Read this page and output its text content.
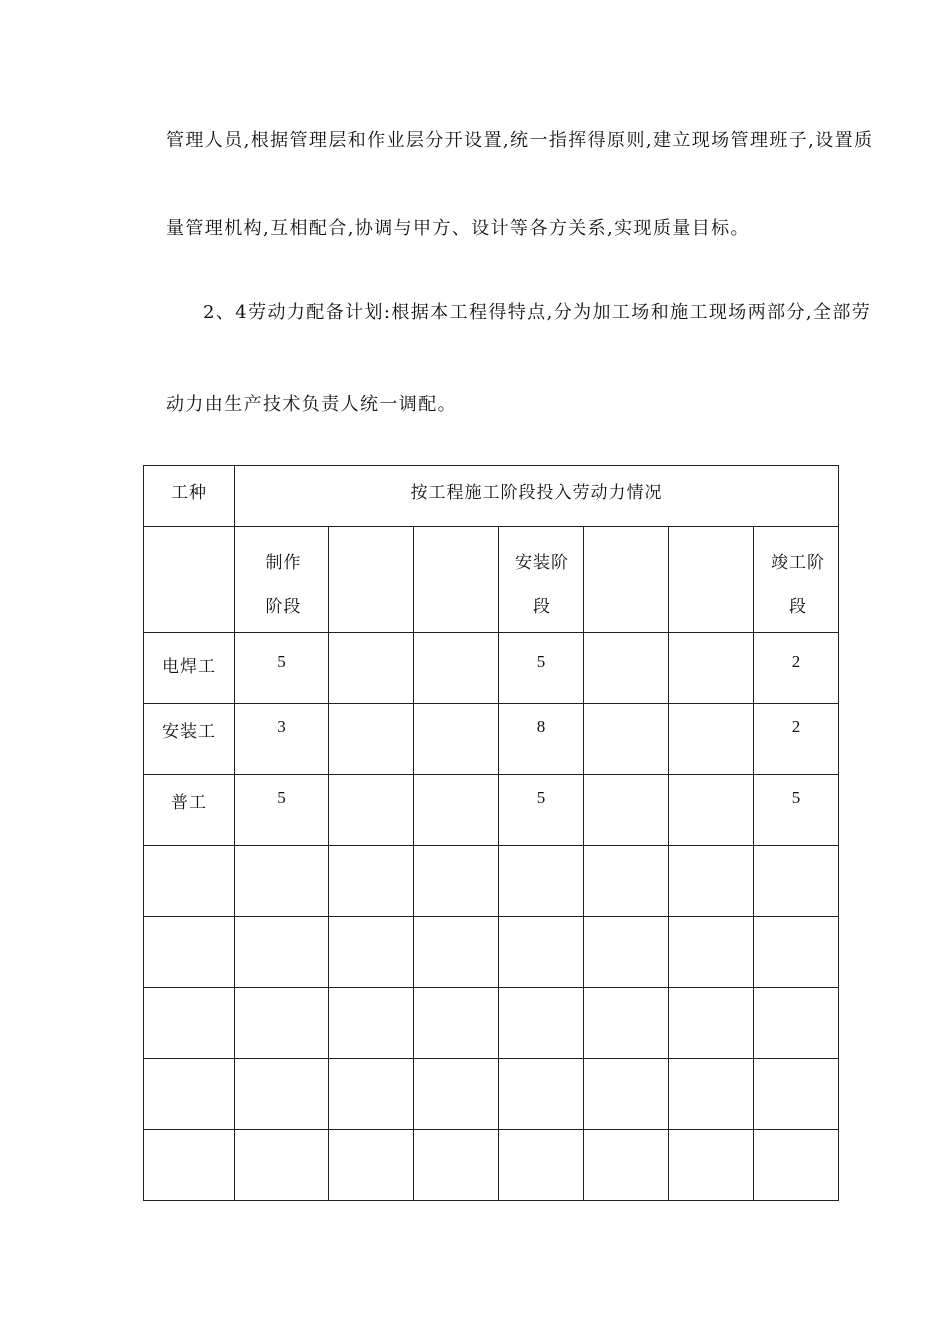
管理人员,根据管理层和作业层分开设置,统一指挥得原则,建立现场管理班子,设置质
量管理机构,互相配合,协调与甲方、设计等各方关系,实现质量目标。
2、4劳动力配备计划:根据本工程得特点,分为加工场和施工现场两部分,全部劳
动力由生产技术负责人统一调配。
工种	按工程施工阶段投入劳动力情况						

	制作阶段			安装阶段			竣工阶段

电焊工	5			5			2

安装工	3			8			2

普工	5			5			5
